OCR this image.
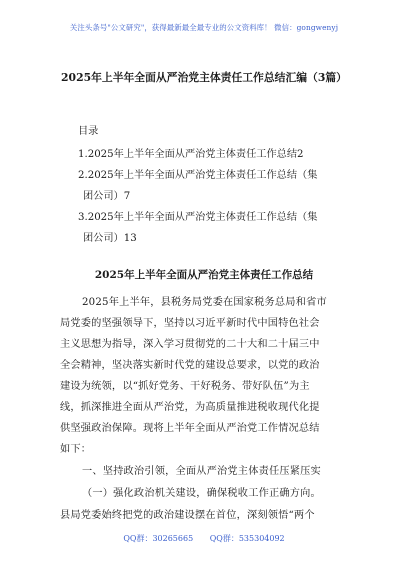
关注头条号"公文研究"，获得最新最全最专业的公文资料库！ 微信：gongwenyj
2025年上半年全面从严治党主体责任工作总结汇编（3篇）
目录
1.2025年上半年全面从严治党主体责任工作总结2
2.2025年上半年全面从严治党主体责任工作总结（集
团公司）7
3.2025年上半年全面从严治党主体责任工作总结（集
团公司）13
2025年上半年全面从严治党主体责任工作总结
2025年上半年，县税务局党委在国家税务总局和省市
局党委的坚强领导下，坚持以习近平新时代中国特色社会
主义思想为指导，深入学习贯彻党的二十大和二十届三中
全会精神，坚决落实新时代党的建设总要求，以党的政治
建设为统领，以“抓好党务、干好税务、带好队伍”为主
线，抓深推进全面从严治党，为高质量推进税收现代化提
供坚强政治保障。现将上半年全面从严治党工作情况总结
如下：
一、坚持政治引领，全面从严治党主体责任压紧压实
（一）强化政治机关建设，确保税收工作正确方向。
县局党委始终把党的政治建设摆在首位，深刻领悟“两个
QQ群：30265665 QQ群：535304092
